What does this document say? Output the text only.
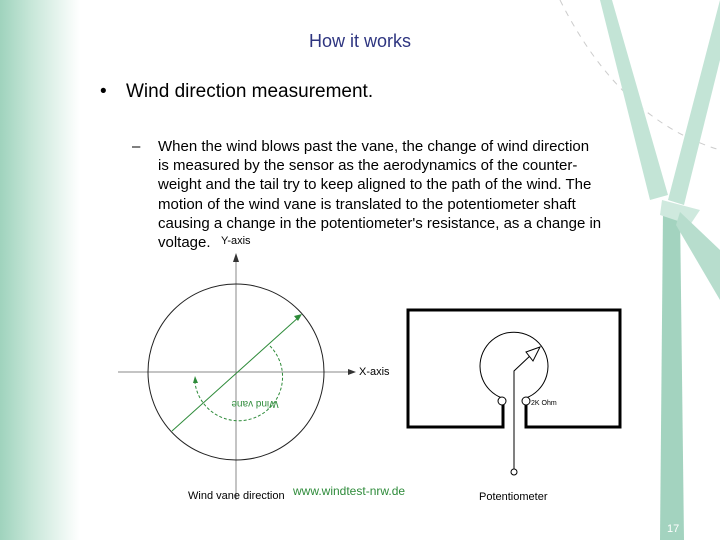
How it works
• Wind direction measurement.
– When the wind blows past the vane, the change of wind direction is measured by the sensor as the aerodynamics of the counter-weight and the tail try to keep aligned to the path of the wind. The motion of the wind vane is translated to the potentiometer shaft causing a change in the potentiometer's resistance, as a change in voltage.
Wind vane
Y-axis
X-axis
Wind vane direction www.windtest-nrw.de
2K Ohm
Potentiometer
17
